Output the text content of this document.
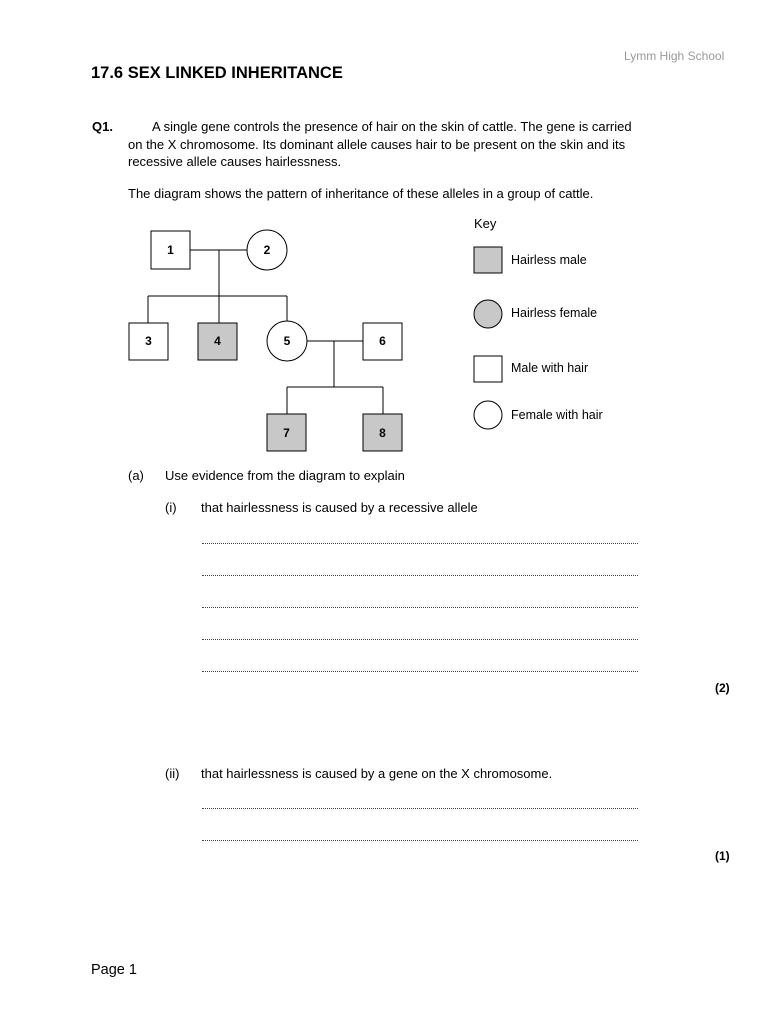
Lymm High School
17.6 SEX LINKED INHERITANCE
Q1.	A single gene controls the presence of hair on the skin of cattle. The gene is carried
on the X chromosome. Its dominant allele causes hair to be present on the skin and its
recessive allele causes hairlessness.
The diagram shows the pattern of inheritance of these alleles in a group of cattle.
1	2
3	4	5	6
7	8
Hairless male
Hairless female
Male with hair
Female with hair
Key
(a) Use evidence from the diagram to explain
(i) that hairlessness is caused by a recessive allele
(2)
(ii) that hairlessness is caused by a gene on the X chromosome.
(1)
Page 1
